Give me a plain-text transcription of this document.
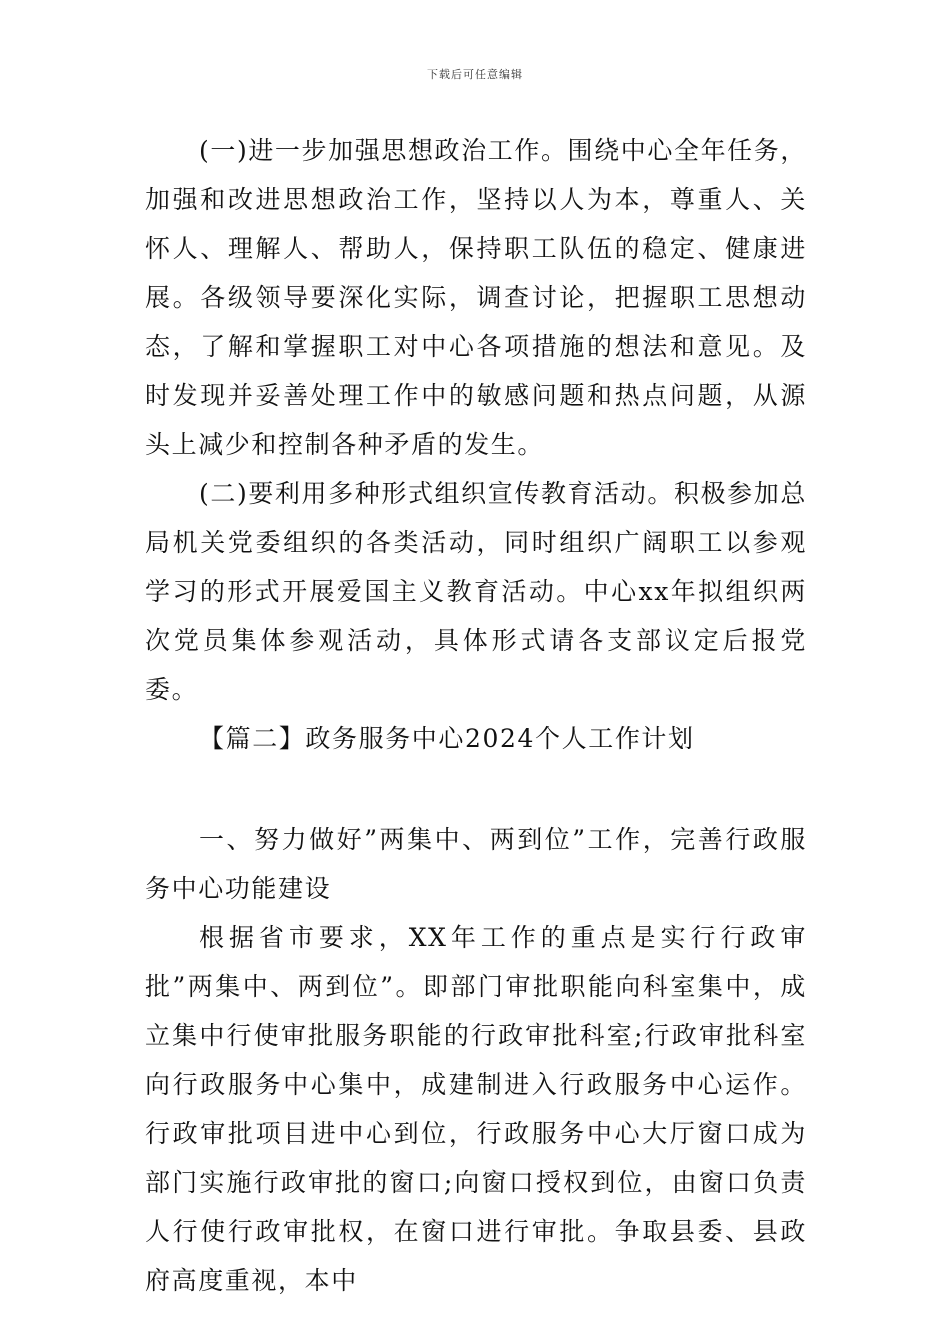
下载后可任意编辑

(一)进一步加强思想政治工作。围绕中心全年任务，加强和改进思想政治工作，坚持以人为本，尊重人、关怀人、理解人、帮助人，保持职工队伍的稳定、健康进展。各级领导要深化实际，调查讨论，把握职工思想动态，了解和掌握职工对中心各项措施的想法和意见。及时发现并妥善处理工作中的敏感问题和热点问题，从源头上减少和控制各种矛盾的发生。

(二)要利用多种形式组织宣传教育活动。积极参加总局机关党委组织的各类活动，同时组织广阔职工以参观学习的形式开展爱国主义教育活动。中心xx年拟组织两次党员集体参观活动，具体形式请各支部议定后报党委。

【篇二】政务服务中心2024个人工作计划

一、努力做好”两集中、两到位”工作，完善行政服务中心功能建设

根据省市要求，XX年工作的重点是实行行政审批”两集中、两到位”。即部门审批职能向科室集中，成立集中行使审批服务职能的行政审批科室;行政审批科室向行政服务中心集中，成建制进入行政服务中心运作。行政审批项目进中心到位，行政服务中心大厅窗口成为部门实施行政审批的窗口;向窗口授权到位，由窗口负责人行使行政审批权，在窗口进行审批。争取县委、县政府高度重视，本中
